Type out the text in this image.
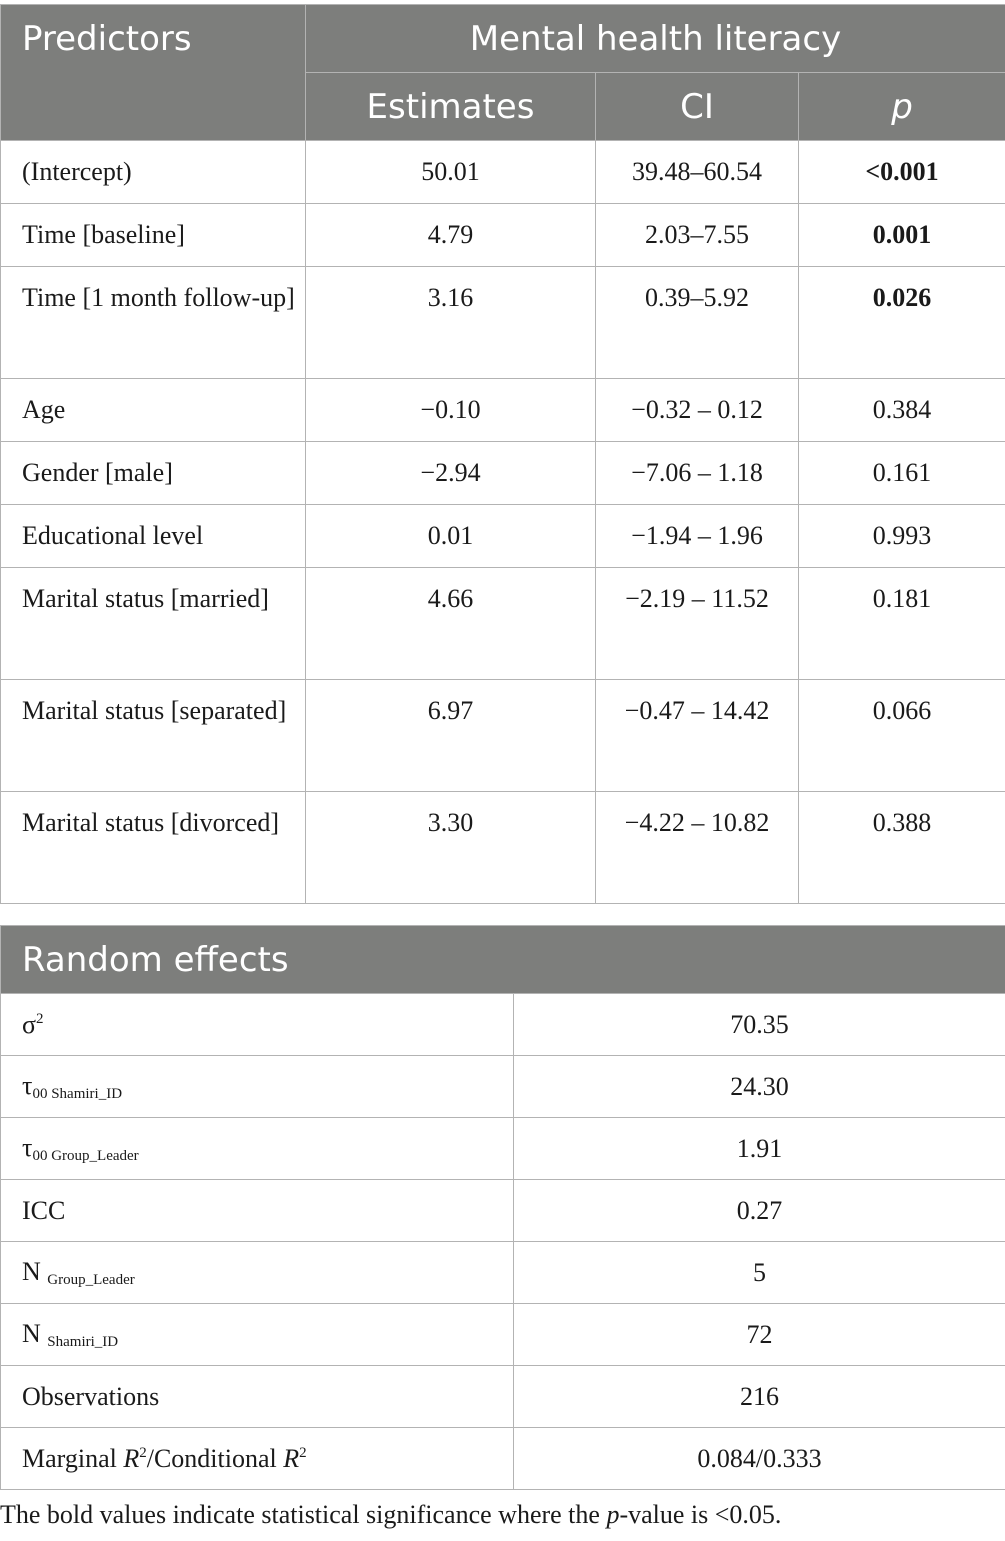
Predictors	Mental health literacy		
	Estimates	CI	p
(Intercept)	50.01	39.48–60.54	<0.001
Time [baseline]	4.79	2.03–7.55	0.001
Time [1 month follow-up]	3.16	0.39–5.92	0.026
Age	−0.10	−0.32 – 0.12	0.384
Gender [male]	−2.94	−7.06 – 1.18	0.161
Educational level	0.01	−1.94 – 1.96	0.993
Marital status [married]	4.66	−2.19 – 11.52	0.181
Marital status [separated]	6.97	−0.47 – 14.42	0.066
Marital status [divorced]	3.30	−4.22 – 10.82	0.388
Random effects	
$\sigma^2$	70.35
$\tau_{00 Shamiri\_ID}$	24.30
$\tau_{00 Group\_Leader}$	1.91
ICC	0.27
N $_{Group\_Leader}$	5
N $_{Shamiri\_ID}$	72
Observations	216
Marginal $R^2$/Conditional $R^2$	0.084/0.333
The bold values indicate statistical significance where the p-value is <0.05.
